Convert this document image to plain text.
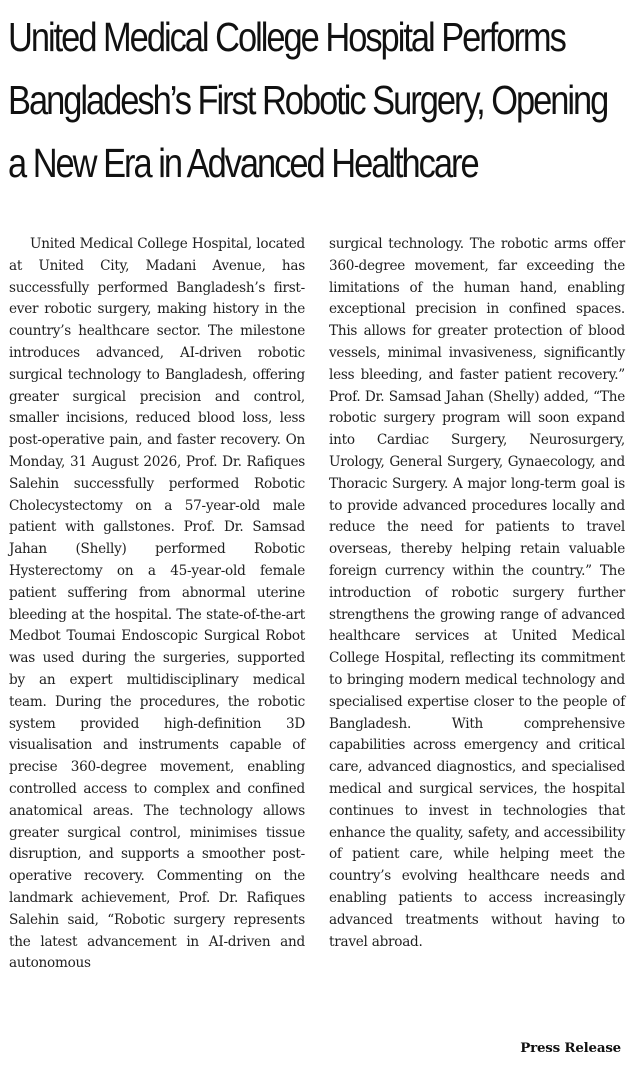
United Medical College Hospital Performs
Bangladesh’s First Robotic Surgery, Opening
a New Era in Advanced Healthcare

United Medical College Hospital, located at United City, Madani Avenue, has successfully performed Bangladesh’s first-ever robotic surgery, making history in the country’s healthcare sector. The milestone introduces advanced, AI-driven robotic surgical technology to Bangladesh, offering greater surgical precision and control, smaller incisions, reduced blood loss, less post-operative pain, and faster recovery. On Monday, 31 August 2026, Prof. Dr. Rafiques Salehin successfully performed Robotic Cholecystectomy on a 57-year-old male patient with gallstones. Prof. Dr. Samsad Jahan (Shelly) performed Robotic Hysterectomy on a 45-year-old female patient suffering from abnormal uterine bleeding at the hospital. The state-of-the-art Medbot Toumai Endoscopic Surgical Robot was used during the surgeries, supported by an expert multidisciplinary medical team. During the procedures, the robotic system provided high-definition 3D visualisation and instruments capable of precise 360-degree movement, enabling controlled access to complex and confined anatomical areas. The technology allows greater surgical control, minimises tissue disruption, and supports a smoother post-operative recovery. Commenting on the landmark achievement, Prof. Dr. Rafiques Salehin said, “Robotic surgery represents the latest advancement in AI-driven and autonomous

surgical technology. The robotic arms offer 360-degree movement, far exceeding the limitations of the human hand, enabling exceptional precision in confined spaces. This allows for greater protection of blood vessels, minimal invasiveness, significantly less bleeding, and faster patient recovery.” Prof. Dr. Samsad Jahan (Shelly) added, “The robotic surgery program will soon expand into Cardiac Surgery, Neurosurgery, Urology, General Surgery, Gynaecology, and Thoracic Surgery. A major long-term goal is to provide advanced procedures locally and reduce the need for patients to travel overseas, thereby helping retain valuable foreign currency within the country.” The introduction of robotic surgery further strengthens the growing range of advanced healthcare services at United Medical College Hospital, reflecting its commitment to bringing modern medical technology and specialised expertise closer to the people of Bangladesh. With comprehensive capabilities across emergency and critical care, advanced diagnostics, and specialised medical and surgical services, the hospital continues to invest in technologies that enhance the quality, safety, and accessibility of patient care, while helping meet the country’s evolving healthcare needs and enabling patients to access increasingly advanced treatments without having to travel abroad.

Press Release
